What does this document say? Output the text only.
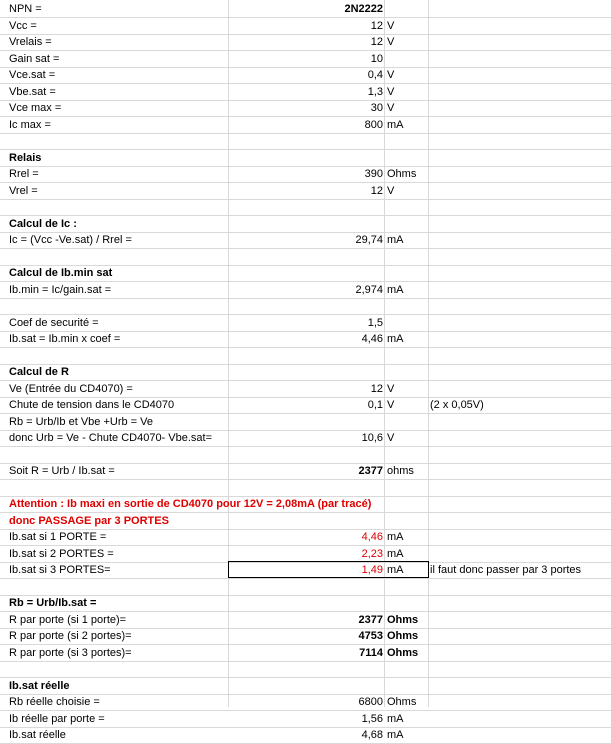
NPN =	2N2222
Vcc =	12 V
Vrelais =	12 V
Gain sat =	10
Vce.sat =	0,4 V
Vbe.sat =	1,3 V
Vce max =	30 V
Ic max =	800 mA
Relais
Rrel =	390 Ohms
Vrel =	12 V
Calcul de Ic :
Ic = (Vcc -Ve.sat) / Rrel =	29,74 mA
Calcul de Ib.min sat
Ib.min = Ic/gain.sat =	2,974 mA
Coef de securité =	1,5
Ib.sat = Ib.min x coef =	4,46 mA
Calcul de R
Ve (Entrée du CD4070) =	12 V
Chute de tension dans le CD4070	0,1 V	(2 x 0,05V)
Rb = Urb/Ib et Vbe +Urb = Ve
donc Urb = Ve - Chute CD4070- Vbe.sat=	10,6 V
Soit R = Urb / Ib.sat =	2377 ohms
Attention : Ib maxi en sortie de CD4070 pour 12V = 2,08mA (par tracé)
donc PASSAGE par 3 PORTES
Ib.sat si 1 PORTE =	4,46 mA
Ib.sat si 2 PORTES =	2,23 mA
Ib.sat si 3 PORTES=	1,49 mA il faut donc passer par 3 portes
Rb = Urb/Ib.sat =
R par porte (si 1 porte)=	2377 Ohms
R par porte (si 2 portes)=	4753 Ohms
R par porte (si 3 portes)=	7114 Ohms
Ib.sat réelle
Rb réelle choisie =	6800 Ohms
Ib réelle par porte =	1,56 mA
Ib.sat réelle	4,68 mA
